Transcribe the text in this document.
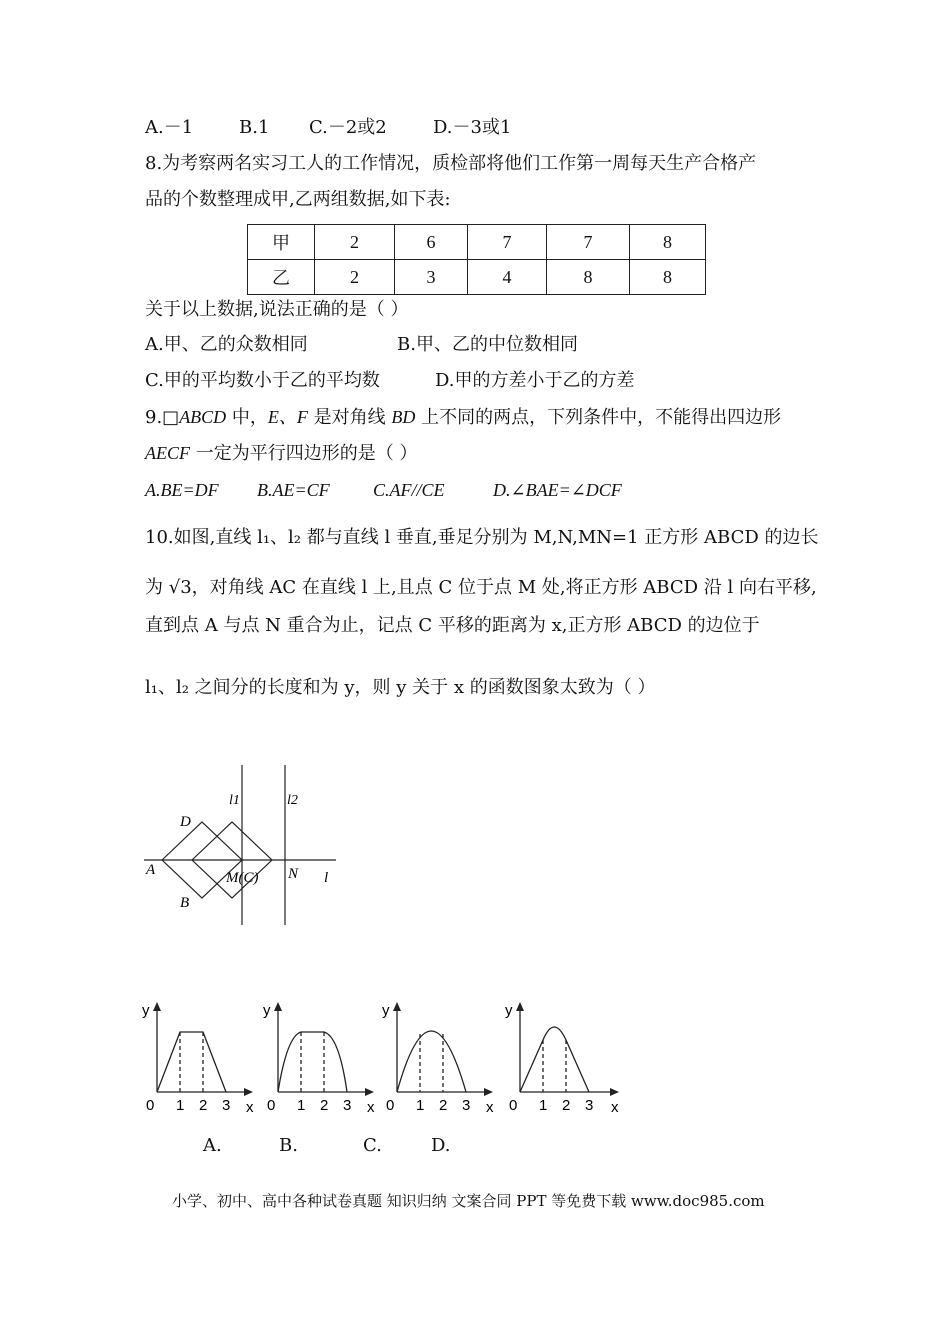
A.－1	B.1 C.－2或2	D.－3或1
8.为考察两名实习工人的工作情况，质检部将他们工作第一周每天生产合格产
品的个数整理成甲,乙两组数据,如下表:
甲	2	6	7	7	8
乙	2	3	4	8	8
关于以上数据,说法正确的是（ ）
A.甲、乙的众数相同	B.甲、乙的中位数相同
C.甲的平均数小于乙的平均数	D.甲的方差小于乙的方差
9.□ABCD 中，E、F 是对角线 BD 上不同的两点，下列条件中，不能得出四边形
AECF 一定为平行四边形的是（ ）
A.BE=DF B.AE=CF C.AF//CE	D.∠BAE=∠DCF
10.如图,直线 l₁、l₂ 都与直线 l 垂直,垂足分别为 M,N,MN=1 正方形 ABCD 的边长
为 √3，对角线 AC 在直线 l 上,且点 C 位于点 M 处,将正方形 ABCD 沿 l 向右平移,
直到点 A 与点 N 重合为止，记点 C 平移的距离为 x,正方形 ABCD 的边位于
l₁、l₂ 之间分的长度和为 y，则 y 关于 x 的函数图象太致为（ ）
D
A
B
M(C) N l
l1	l2
y
0 1 2 3 x
y
0 1 2 3 x
y
0 1 2 3 x
y
0 1 2 3 x
A.	B.	C.	D.
小学、初中、高中各种试卷真题 知识归纳 文案合同 PPT 等免费下载 www.doc985.com
